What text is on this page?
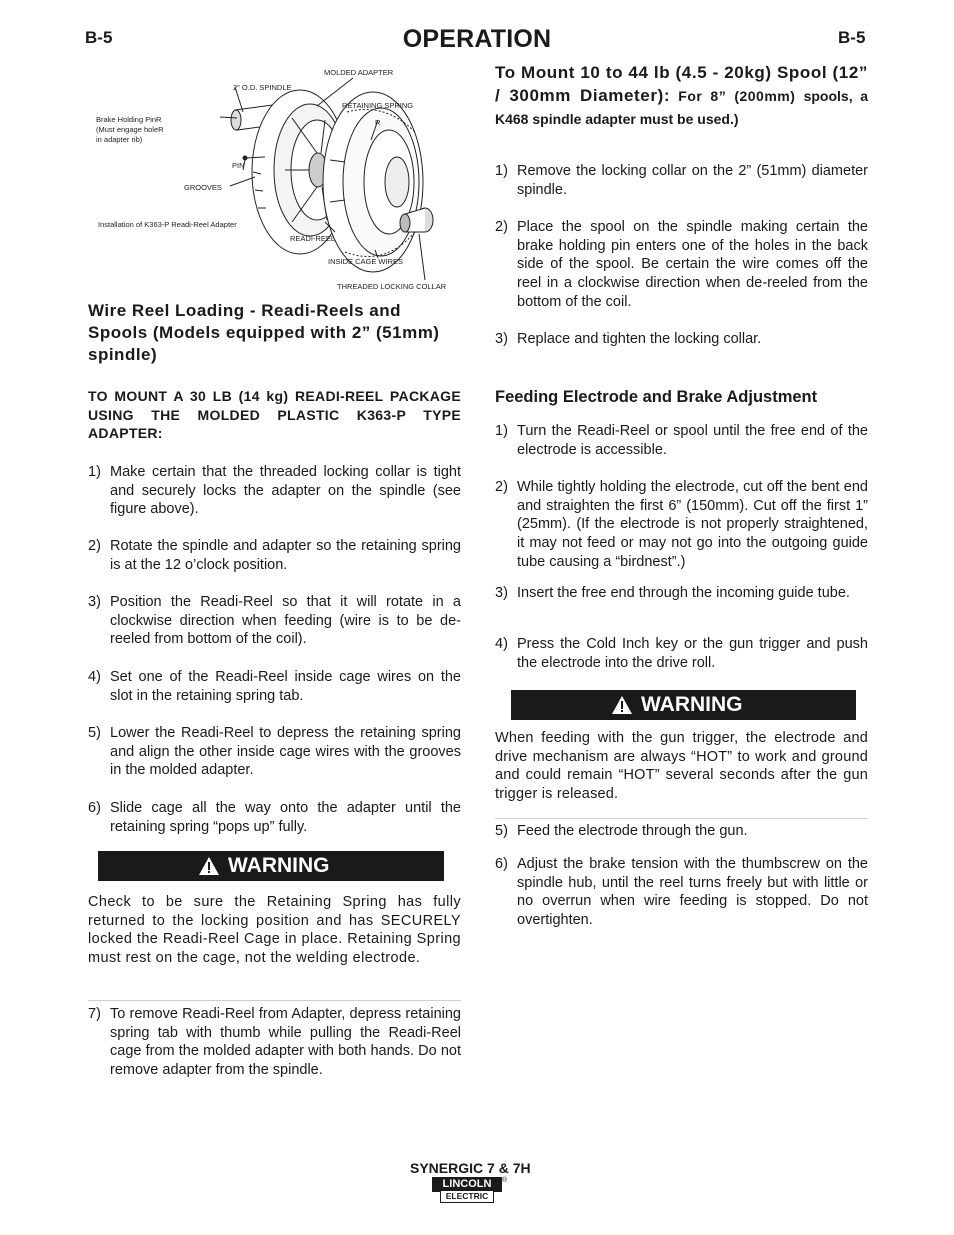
B-5	OPERATION	B-5
MOLDED ADAPTER
2" O.D. SPINDLE
RETAINING SPRING
R
Brake Holding PinR
(Must engage holeR
in adapter rib)
PIN
GROOVES
Installation of K363-P Readi-Reel Adapter
READI-REEL
INSIDE CAGE WIRES
THREADED LOCKING COLLAR
Wire Reel Loading - Readi-Reels and Spools (Models equipped with 2” (51mm) spindle)
TO MOUNT A 30 LB (14 kg) READI-REEL PACKAGE USING THE MOLDED PLASTIC K363-P TYPE ADAPTER:
1) Make certain that the threaded locking collar is tight and securely locks the adapter on the spindle (see figure above).
2) Rotate the spindle and adapter so the retaining spring is at the 12 o’clock position.
3) Position the Readi-Reel so that it will rotate in a clockwise direction when feeding (wire is to be de-reeled from bottom of the coil).
4) Set one of the Readi-Reel inside cage wires on the slot in the retaining spring tab.
5) Lower the Readi-Reel to depress the retaining spring and align the other inside cage wires with the grooves in the molded adapter.
6) Slide cage all the way onto the adapter until the retaining spring “pops up” fully.
WARNING
Check to be sure the Retaining Spring has fully returned to the locking position and has SECURELY locked the Readi-Reel Cage in place. Retaining Spring must rest on the cage, not the welding electrode.
7) To remove Readi-Reel from Adapter, depress retaining spring tab with thumb while pulling the Readi-Reel cage from the molded adapter with both hands. Do not remove adapter from the spindle.
To Mount 10 to 44 lb (4.5 - 20kg) Spool (12” / 300mm Diameter): For 8” (200mm) spools, a K468 spindle adapter must be used.)
1) Remove the locking collar on the 2” (51mm) diameter spindle.
2) Place the spool on the spindle making certain the brake holding pin enters one of the holes in the back side of the spool. Be certain the wire comes off the reel in a clockwise direction when de-reeled from the bottom of the coil.
3) Replace and tighten the locking collar.
Feeding Electrode and Brake Adjustment
1) Turn the Readi-Reel or spool until the free end of the electrode is accessible.
2) While tightly holding the electrode, cut off the bent end and straighten the first 6” (150mm). Cut off the first 1” (25mm). (If the electrode is not properly straightened, it may not feed or may not go into the outgoing guide tube causing a “birdnest”.)
3) Insert the free end through the incoming guide tube.
4) Press the Cold Inch key or the gun trigger and push the electrode into the drive roll.
WARNING
When feeding with the gun trigger, the electrode and drive mechanism are always “HOT” to work and ground and could remain “HOT” several seconds after the gun trigger is released.
5) Feed the electrode through the gun.
6) Adjust the brake tension with the thumbscrew on the spindle hub, until the reel turns freely but with little or no overrun when wire feeding is stopped. Do not overtighten.
SYNERGIC 7 & 7H
LINCOLN
ELECTRIC
®
